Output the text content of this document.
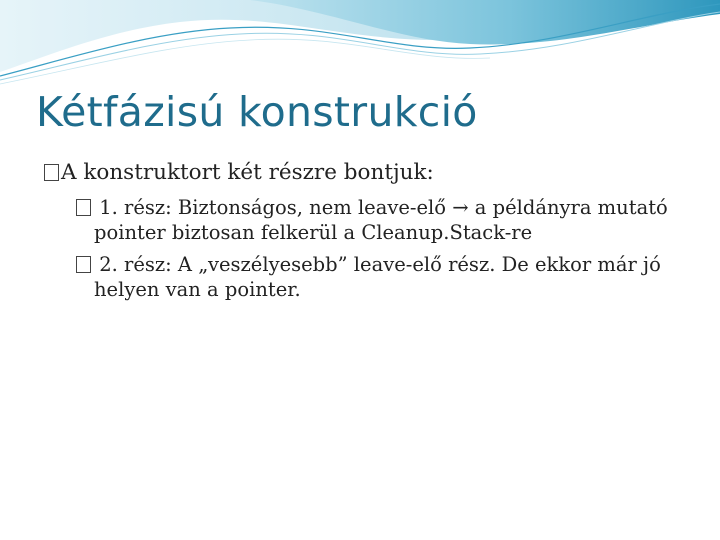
Kétfázisú konstrukció
A konstruktort két részre bontjuk:
1. rész: Biztonságos, nem leave-elő → a példányra mutató pointer biztosan felkerül a Cleanup.Stack-re
2. rész: A „veszélyesebb” leave-elő rész. De ekkor már jó helyen van a pointer.
